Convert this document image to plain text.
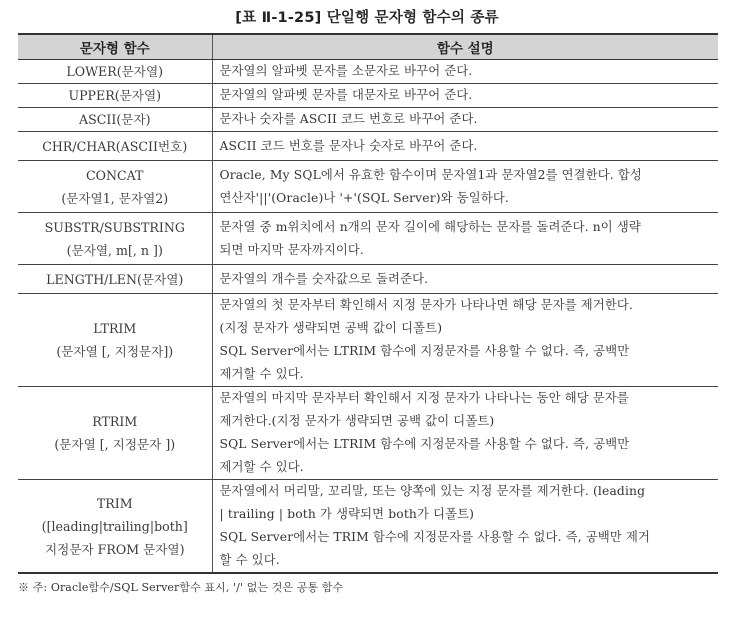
[표 Ⅱ-1-25] 단일행 문자형 함수의 종류
문자형 함수	함수 설명

LOWER(문자열)	문자열의 알파벳 문자를 소문자로 바꾸어 준다.

UPPER(문자열)	문자열의 알파벳 문자를 대문자로 바꾸어 준다.

ASCII(문자)	문자나 숫자를 ASCII 코드 번호로 바꾸어 준다.

CHR/CHAR(ASCII번호)	ASCII 코드 번호를 문자나 숫자로 바꾸어 준다.

CONCAT
(문자열1, 문자열2)	Oracle, My SQL에서 유효한 함수이며 문자열1과 문자열2를 연결한다. 합성
연산자'||'(Oracle)나 '+'(SQL Server)와 동일하다.

SUBSTR/SUBSTRING
(문자열, m[, n ])	문자열 중 m위치에서 n개의 문자 길이에 해당하는 문자를 돌려준다. n이 생략
되면 마지막 문자까지이다.

LENGTH/LEN(문자열)	문자열의 개수를 숫자값으로 돌려준다.

LTRIM
(문자열 [, 지정문자])	문자열의 첫 문자부터 확인해서 지정 문자가 나타나면 해당 문자를 제거한다.
(지정 문자가 생략되면 공백 값이 디폴트)
SQL Server에서는 LTRIM 함수에 지정문자를 사용할 수 없다. 즉, 공백만
제거할 수 있다.

RTRIM
(문자열 [, 지정문자 ])	문자열의 마지막 문자부터 확인해서 지정 문자가 나타나는 동안 해당 문자를
제거한다.(지정 문자가 생략되면 공백 값이 디폴트)
SQL Server에서는 LTRIM 함수에 지정문자를 사용할 수 없다. 즉, 공백만
제거할 수 있다.

TRIM
([leading|trailing|both]
지정문자 FROM 문자열)	문자열에서 머리말, 꼬리말, 또는 양쪽에 있는 지정 문자를 제거한다. (leading
| trailing | both 가 생략되면 both가 디폴트)
SQL Server에서는 TRIM 함수에 지정문자를 사용할 수 없다. 즉, 공백만 제거
할 수 있다.
※ 주: Oracle함수/SQL Server함수 표시, '/' 없는 것은 공통 함수
